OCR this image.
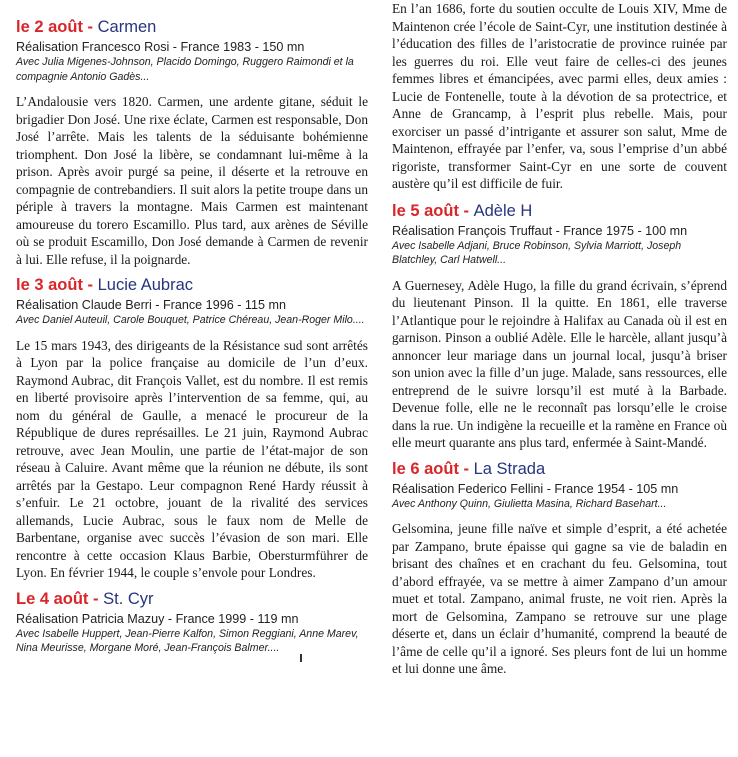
le 2 août - Carmen

Réalisation Francesco Rosi - France 1983 - 150 mn

Avec Julia Migenes-Johnson, Placido Domingo, Ruggero Raimondi et la compagnie Antonio Gadès...

L’Andalousie vers 1820. Carmen, une ardente gitane, séduit le brigadier Don José. Une rixe éclate, Carmen est responsable, Don José l’arrête. Mais les talents de la séduisante bohémienne triomphent. Don José la libère, se condamnant lui-même à la prison. Après avoir purgé sa peine, il déserte et la retrouve en compagnie de contrebandiers. Il suit alors la petite troupe dans un périple à travers la montagne. Mais Carmen est maintenant amoureuse du torero Escamillo. Plus tard, aux arènes de Séville où se produit Escamillo, Don José demande à Carmen de revenir à lui. Elle refuse, il la poignarde.

le 3 août - Lucie Aubrac

Réalisation Claude Berri - France 1996 - 115 mn

Avec Daniel Auteuil, Carole Bouquet, Patrice Chéreau, Jean-Roger Milo....

Le 15 mars 1943, des dirigeants de la Résistance sud sont arrêtés à Lyon par la police française au domicile de l’un d’eux. Raymond Aubrac, dit François Vallet, est du nombre. Il est remis en liberté provisoire après l’intervention de sa femme, qui, au nom du général de Gaulle, a menacé le procureur de la République de dures représailles. Le 21 juin, Raymond Aubrac retrouve, avec Jean Moulin, une partie de l’état-major de son réseau à Caluire. Avant même que la réunion ne débute, ils sont arrêtés par la Gestapo. Leur compagnon René Hardy réussit à s’enfuir. Le 21 octobre, jouant de la rivalité des services allemands, Lucie Aubrac, sous le faux nom de Melle de Barbentane, organise avec succès l’évasion de son mari. Elle rencontre à cette occasion Klaus Barbie, Obersturmführer de Lyon. En février 1944, le couple s’envole pour Londres.

Le 4 août - St. Cyr

Réalisation Patricia Mazuy - France 1999 - 119 mn

Avec Isabelle Huppert, Jean-Pierre Kalfon, Simon Reggiani, Anne Marev, Nina Meurisse, Morgane Moré, Jean-François Balmer....

En l’an 1686, forte du soutien occulte de Louis XIV, Mme de Maintenon crée l’école de Saint-Cyr, une institution destinée à l’éducation des filles de l’aristocratie de province ruinée par les guerres du roi. Elle veut faire de celles-ci des jeunes femmes libres et émancipées, avec parmi elles, deux amies : Lucie de Fontenelle, toute à la dévotion de sa protectrice, et Anne de Grancamp, à l’esprit plus rebelle. Mais, pour exorciser un passé d’intrigante et assurer son salut, Mme de Maintenon, effrayée par l’enfer, va, sous l’emprise d’un abbé rigoriste, transformer Saint-Cyr en une sorte de couvent austère qu’il est difficile de fuir.

le 5 août - Adèle H

Réalisation François Truffaut - France 1975 - 100 mn

Avec Isabelle Adjani, Bruce Robinson, Sylvia Marriott, Joseph Blatchley, Carl Hatwell...

A Guernesey, Adèle Hugo, la fille du grand écrivain, s’éprend du lieutenant Pinson. Il la quitte. En 1861, elle traverse l’Atlantique pour le rejoindre à Halifax au Canada où il est en garnison. Pinson a oublié Adèle. Elle le harcèle, allant jusqu’à annoncer leur mariage dans un journal local, jusqu’à briser son union avec la fille d’un juge. Malade, sans ressources, elle entreprend de le suivre lorsqu’il est muté à la Barbade. Devenue folle, elle ne le reconnaît pas lorsqu’elle le croise dans la rue. Un indigène la recueille et la ramène en France où elle meurt quarante ans plus tard, enfermée à Saint-Mandé.

le 6 août - La Strada

Réalisation Federico Fellini - France 1954 - 105 mn

Avec Anthony Quinn, Giulietta Masina, Richard Basehart...

Gelsomina, jeune fille naïve et simple d’esprit, a été achetée par Zampano, brute épaisse qui gagne sa vie de baladin en brisant des chaînes et en crachant du feu. Gelsomina, tout d’abord effrayée, va se mettre à aimer Zampano d’un amour muet et total. Zampano, animal fruste, ne voit rien. Après la mort de Gelsomina, Zampano se retrouve sur une plage déserte et, dans un éclair d’humanité, comprend la beauté de l’âme de celle qu’il a ignoré. Ses pleurs font de lui un homme et lui donne une âme.
